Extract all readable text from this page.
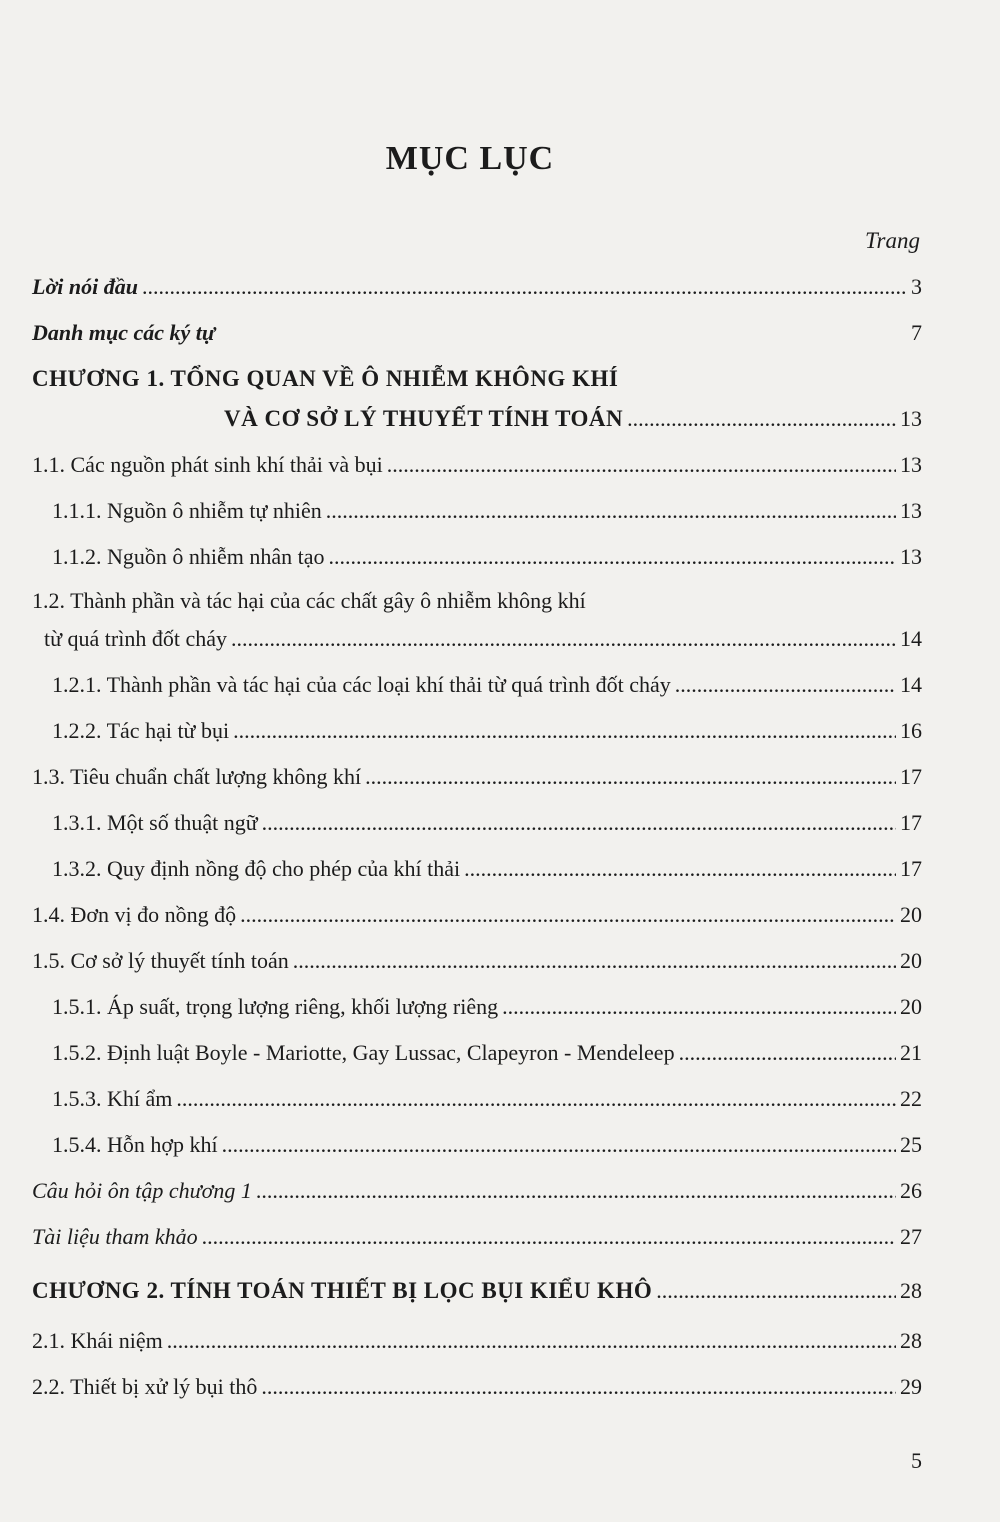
MỤC LỤC
Trang
Lời nói đầu .....	3
Danh mục các ký tự	7
CHƯƠNG 1. TỔNG QUAN VỀ Ô NHIỄM KHÔNG KHÍ
VÀ CƠ SỞ LÝ THUYẾT TÍNH TOÁN .....	13
1.1. Các nguồn phát sinh khí thải và bụi .....	13
1.1.1. Nguồn ô nhiễm tự nhiên .....	13
1.1.2. Nguồn ô nhiễm nhân tạo .....	13
1.2. Thành phần và tác hại của các chất gây ô nhiễm không khí
từ quá trình đốt cháy .....	14
1.2.1. Thành phần và tác hại của các loại khí thải từ quá trình đốt cháy .....	14
1.2.2. Tác hại từ bụi .....	16
1.3. Tiêu chuẩn chất lượng không khí .....	17
1.3.1. Một số thuật ngữ .....	17
1.3.2. Quy định nồng độ cho phép của khí thải .....	17
1.4. Đơn vị đo nồng độ .....	20
1.5. Cơ sở lý thuyết tính toán .....	20
1.5.1. Áp suất, trọng lượng riêng, khối lượng riêng .....	20
1.5.2. Định luật Boyle - Mariotte, Gay Lussac, Clapeyron - Mendeleep .....	21
1.5.3. Khí ẩm .....	22
1.5.4. Hỗn hợp khí .....	25
Câu hỏi ôn tập chương 1 .....	26
Tài liệu tham khảo .....	27
CHƯƠNG 2. TÍNH TOÁN THIẾT BỊ LỌC BỤI KIỂU KHÔ .....	28
2.1. Khái niệm .....	28
2.2. Thiết bị xử lý bụi thô .....	29
5
